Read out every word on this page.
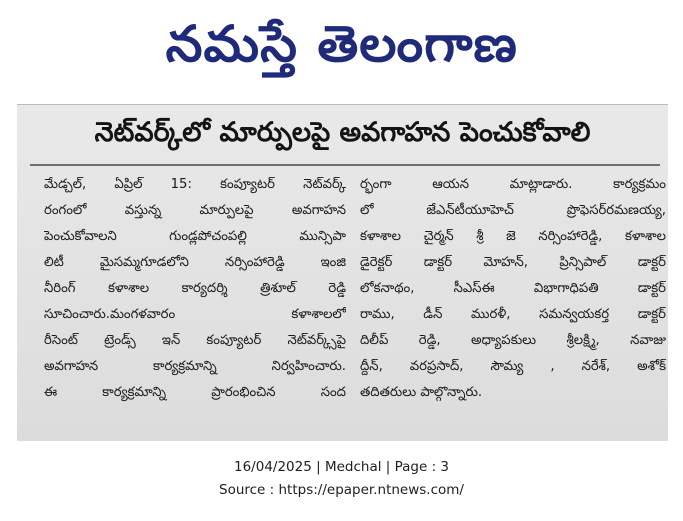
నమస్తే తెలంగాణ
నెట్‌వర్క్‌లో మార్పులపై అవగాహన పెంచుకోవాలి
మేడ్చల్, ఏప్రిల్ 15: కంప్యూటర్ నెట్‌వర్క్
రంగంలో వస్తున్న మార్పులపై అవగాహన
పెంచుకోవాలని గుండ్లపోచంపల్లి మున్సిపా
లిటీ మైసమ్మగూడలోని నర్సింహారెడ్డి ఇంజి
నీరింగ్ కళాశాల కార్యదర్శి త్రిశూల్ రెడ్డి
సూచించారు.మంగళవారం కళాశాలలో
రీసెంట్ ట్రెండ్స్ ఇన్ కంప్యూటర్ నెట్‌వర్క్స్‌పై
అవగాహన కార్యక్రమాన్ని నిర్వహించారు.
ఈ కార్యక్రమాన్ని ప్రారంభించిన సంద
ర్భంగా ఆయన మాట్లాడారు. కార్యక్రమం
లో జేఎన్‌టీయూహెచ్ ప్రొఫెసర్‌రమణయ్య,
కళాశాల చైర్మన్ శ్రీ జె నర్సింహారెడ్డి, కళాశాల
డైరెక్టర్ డాక్టర్ మోహన్, ప్రిన్సిపాల్ డాక్టర్
లోకనాథం, సీఎస్ఈ విభాగాధిపతి డాక్టర్
రాము, డీన్ మురళీ, సమన్వయకర్త డాక్టర్
దిలీప్ రెడ్డి, అధ్యాపకులు శ్రీలక్ష్మి, నవాజు
ద్దీన్, వరప్రసాద్, సౌమ్య , నరేశ్, అశోక్
తదితరులు పాల్గొన్నారు.
16/04/2025 | Medchal | Page : 3
Source : https://epaper.ntnews.com/
